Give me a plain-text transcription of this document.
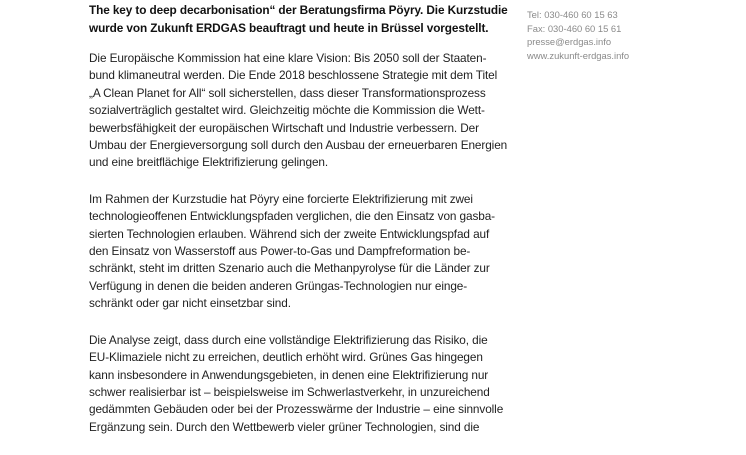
The key to deep decarbonisation“ der Beratungsfirma Pöyry. Die Kurzstudie
wurde von Zukunft ERDGAS beauftragt und heute in Brüssel vorgestellt.
Die Europäische Kommission hat eine klare Vision: Bis 2050 soll der Staaten-
bund klimaneutral werden. Die Ende 2018 beschlossene Strategie mit dem Titel
„A Clean Planet for All“ soll sicherstellen, dass dieser Transformationsprozess
sozialverträglich gestaltet wird. Gleichzeitig möchte die Kommission die Wett-
bewerbsfähigkeit der europäischen Wirtschaft und Industrie verbessern. Der
Umbau der Energieversorgung soll durch den Ausbau der erneuerbaren Energien
und eine breitflächige Elektrifizierung gelingen.
Im Rahmen der Kurzstudie hat Pöyry eine forcierte Elektrifizierung mit zwei
technologieoffenen Entwicklungspfaden verglichen, die den Einsatz von gasba-
sierten Technologien erlauben. Während sich der zweite Entwicklungspfad auf
den Einsatz von Wasserstoff aus Power-to-Gas und Dampfreformation be-
schränkt, steht im dritten Szenario auch die Methanpyrolyse für die Länder zur
Verfügung in denen die beiden anderen Grüngas-Technologien nur einge-
schränkt oder gar nicht einsetzbar sind.
Die Analyse zeigt, dass durch eine vollständige Elektrifizierung das Risiko, die
EU-Klimaziele nicht zu erreichen, deutlich erhöht wird. Grünes Gas hingegen
kann insbesondere in Anwendungsgebieten, in denen eine Elektrifizierung nur
schwer realisierbar ist – beispielsweise im Schwerlastverkehr, in unzureichend
gedämmten Gebäuden oder bei der Prozesswärme der Industrie – eine sinnvolle
Ergänzung sein. Durch den Wettbewerb vieler grüner Technologien, sind die
Tel: 030-460 60 15 63
Fax: 030-460 60 15 61
presse@erdgas.info
www.zukunft-erdgas.info
